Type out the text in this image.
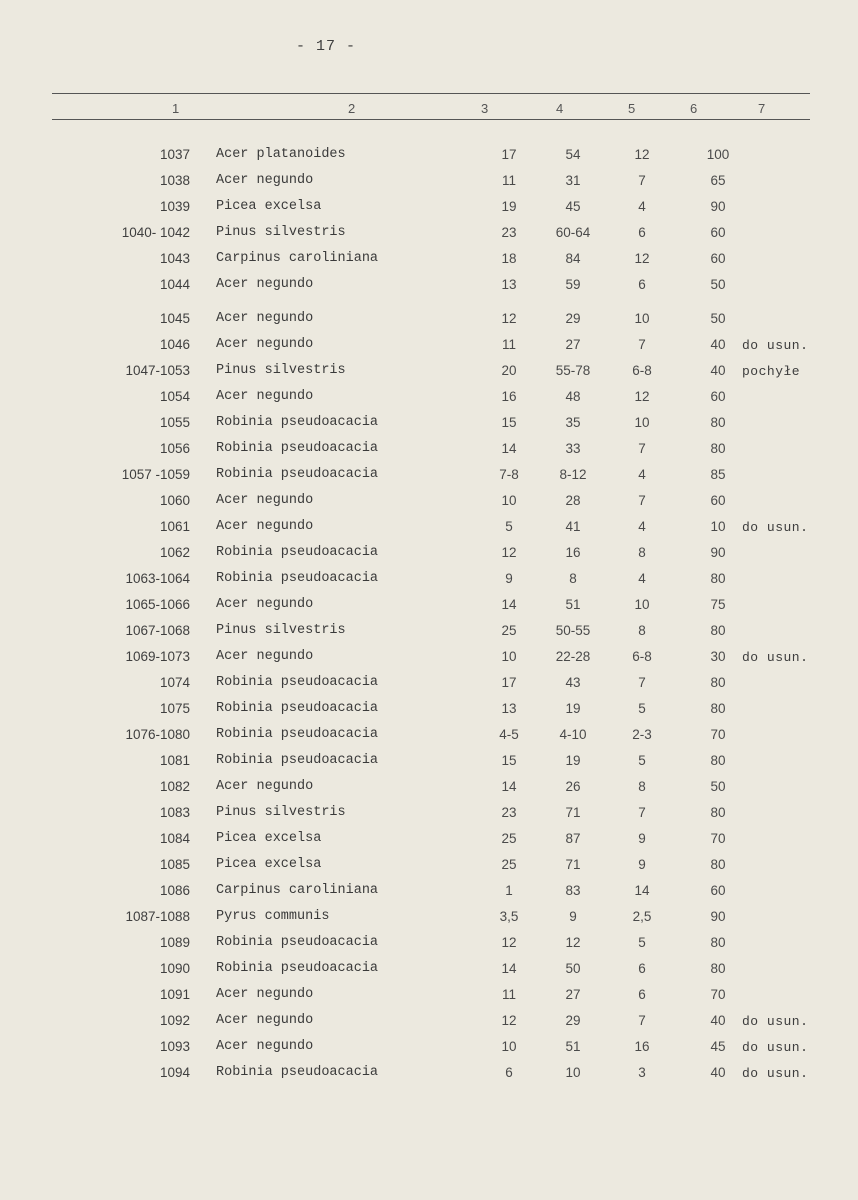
- 17 -
1	2	3	4	5	6	7
1037 Acer platanoides	17	54	12	100
1038 Acer negundo	11	31	7	65
1039 Picea excelsa	19	45	4	90
1040- 1042 Pinus silvestris	23	60-64	6	60
1043 Carpinus caroliniana	18	84	12	60
1044 Acer negundo	13	59	6	50
1045 Acer negundo	12	29	10	50
1046 Acer negundo	11	27	7	40	do usun.
1047-1053 Pinus silvestris	20	55-78	6-8	40	pochyłe
1054 Acer negundo	16	48	12	60
1055 Robinia pseudoacacia	15	35	10	80
1056 Robinia pseudoacacia	14	33	7	80
1057 -1059 Robinia pseudoacacia	7-8	8-12	4	85
1060 Acer negundo	10	28	7	60
1061 Acer negundo	5	41	4	10	do usun.
1062 Robinia pseudoacacia	12	16	8	90
1063-1064 Robinia pseudoacacia	9	8	4	80
1065-1066 Acer negundo	14	51	10	75
1067-1068 Pinus silvestris	25	50-55	8	80
1069-1073 Acer negundo	10	22-28	6-8	30	do usun.
1074 Robinia pseudoacacia	17	43	7	80
1075 Robinia pseudoacacia	13	19	5	80
1076-1080 Robinia pseudoacacia	4-5	4-10	2-3	70
1081 Robinia pseudoacacia	15	19	5	80
1082 Acer negundo	14	26	8	50
1083 Pinus silvestris	23	71	7	80
1084 Picea excelsa	25	87	9	70
1085 Picea excelsa	25	71	9	80
1086 Carpinus caroliniana	1	83	14	60
1087-1088 Pyrus communis	3,5	9	2,5	90
1089 Robinia pseudoacacia	12	12	5	80
1090 Robinia pseudoacacia	14	50	6	80
1091 Acer negundo	11	27	6	70
1092 Acer negundo	12	29	7	40	do usun.
1093 Acer negundo	10	51	16	45	do usun.
1094 Robinia pseudoacacia	6	10	3	40	do usun.
